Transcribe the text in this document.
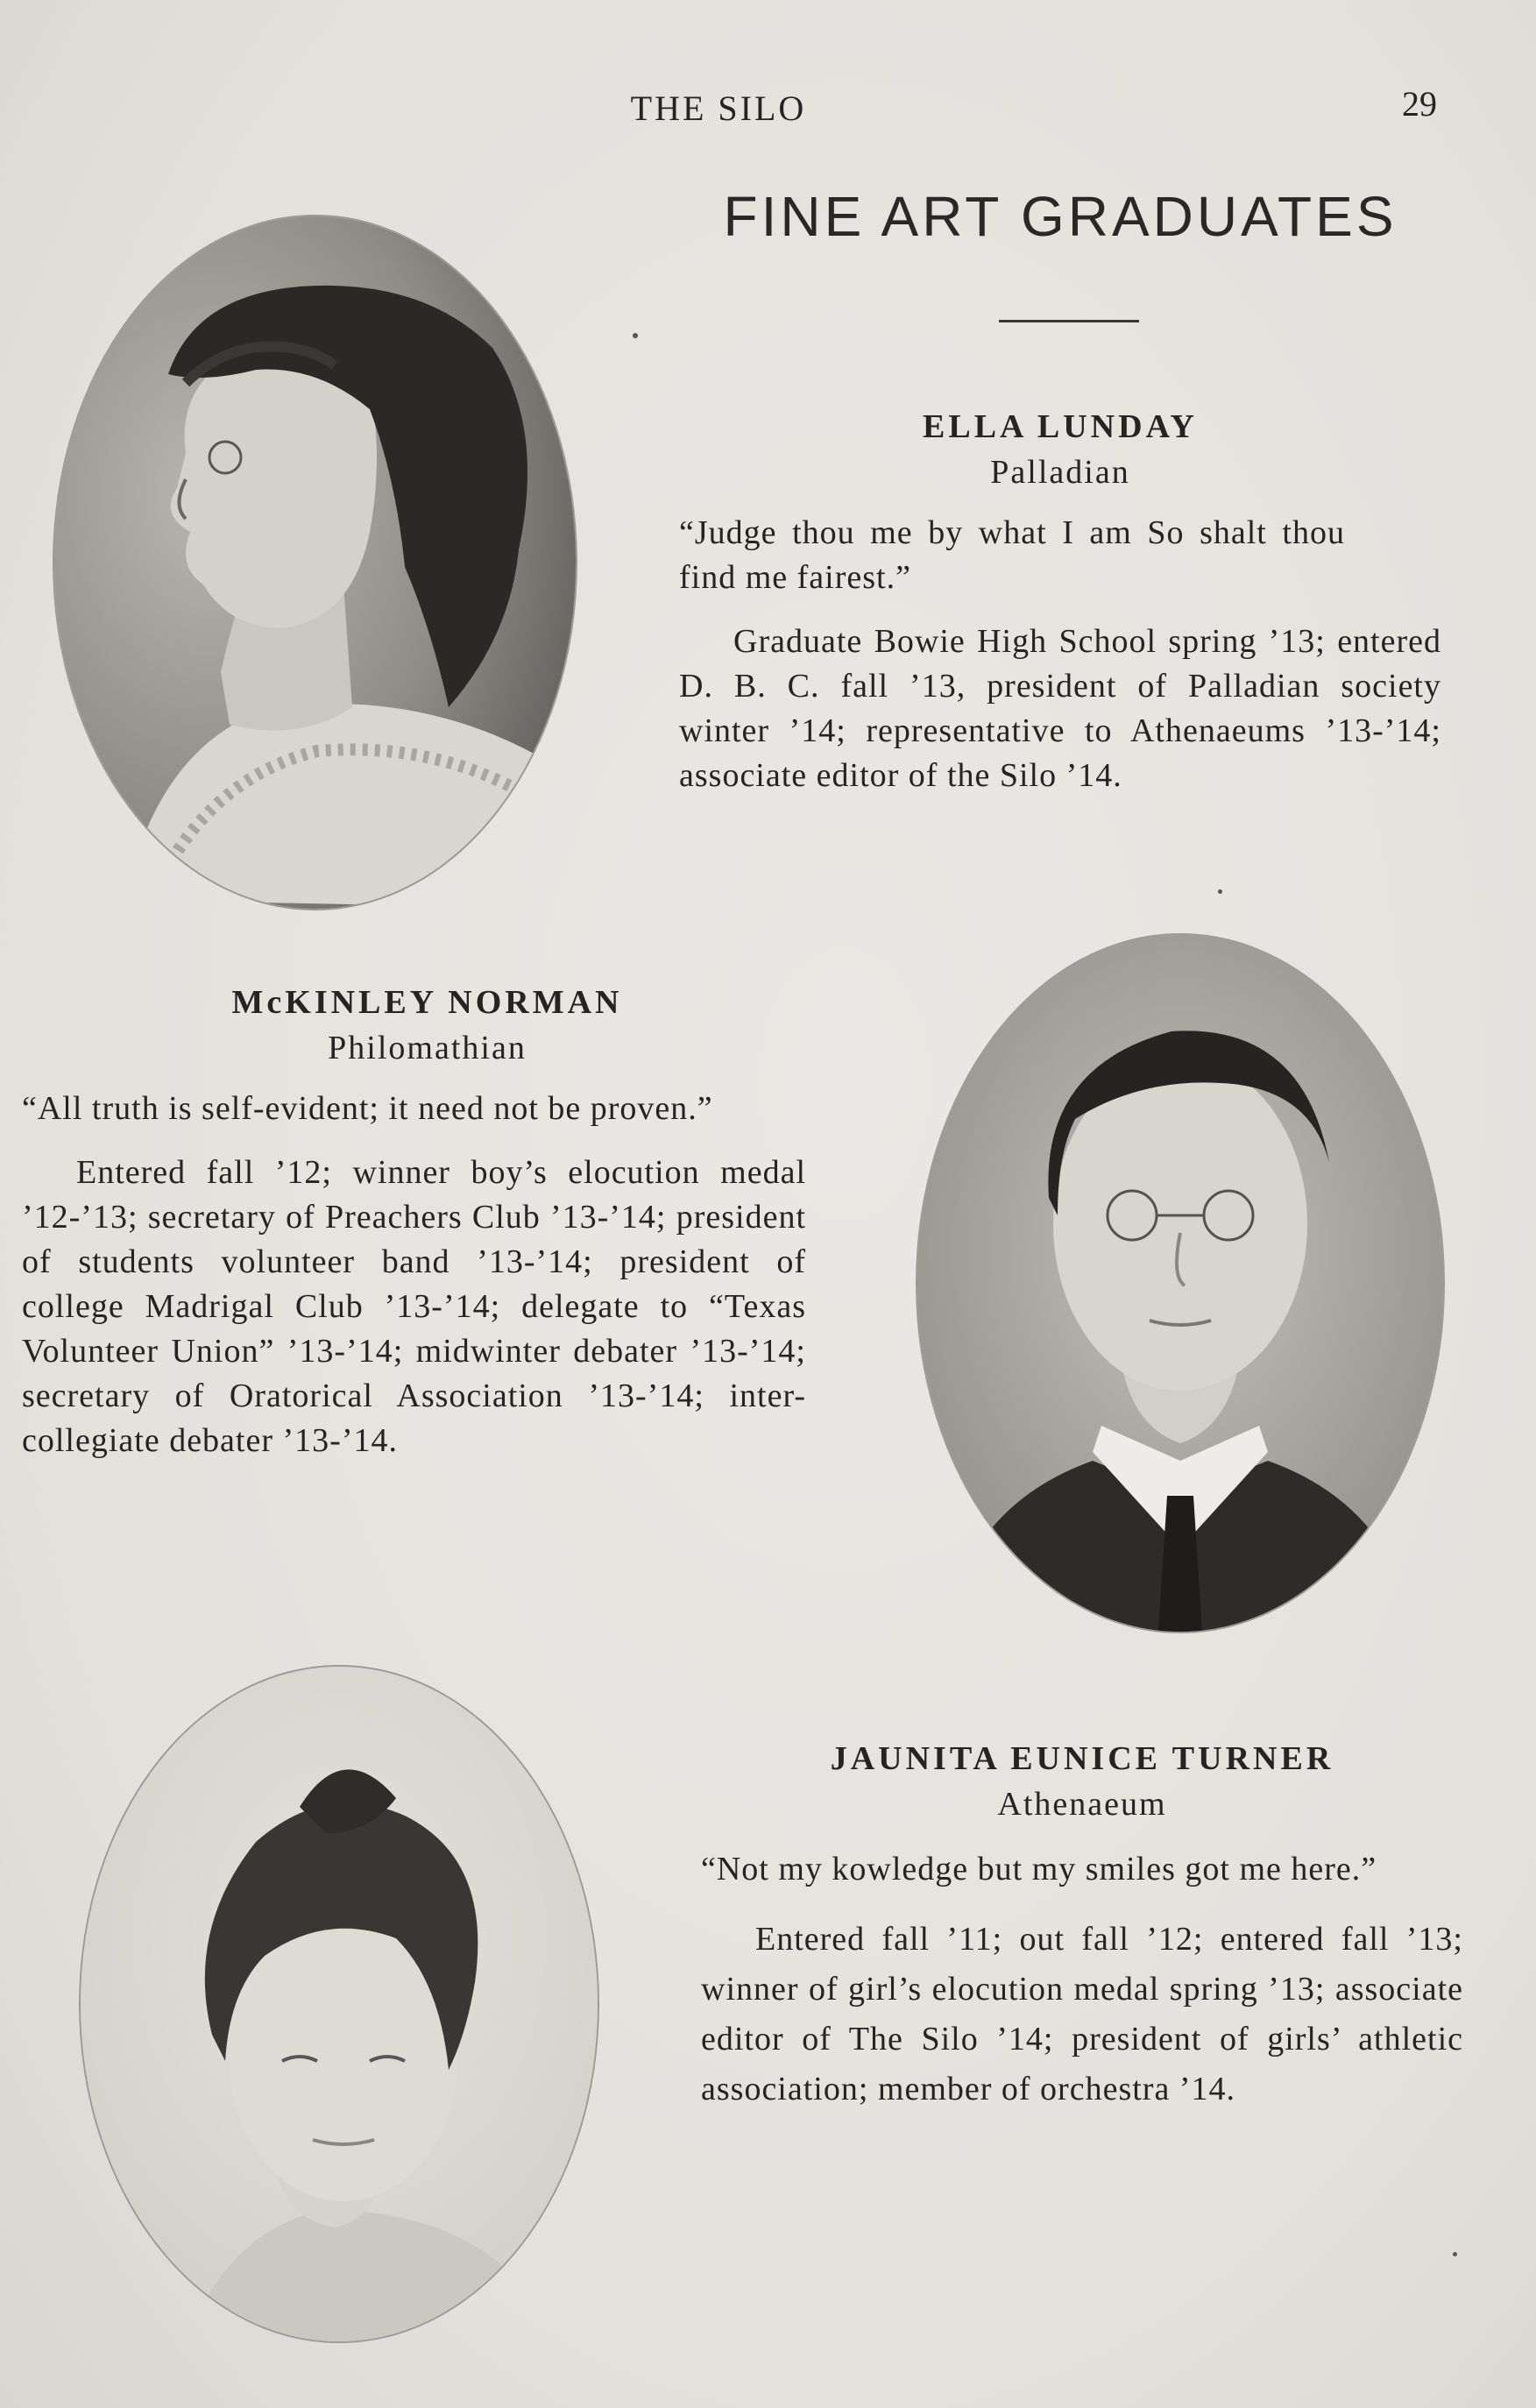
THE SILO	29
FINE ART GRADUATES
ELLA LUNDAY
Palladian
“Judge thou me by what I am So shalt thou find me fairest.”
Graduate Bowie High School spring ’13; entered D. B. C. fall ’13, president of Palladian society winter ’14; representative to Athenaeums ’13-’14; associate editor of the Silo ’14.
McKINLEY NORMAN
Philomathian
“All truth is self-evident; it need not be proven.”
Entered fall ’12; winner boy’s elocution medal ’12-’13; secretary of Preachers Club ’13-’14; president of students volunteer band ’13-’14; president of college Madrigal Club ’13-’14; delegate to “Texas Volunteer Union” ’13-’14; midwinter debater ’13-’14; secretary of Oratorical Association ’13-’14; inter-collegiate debater ’13-’14.
JAUNITA EUNICE TURNER
Athenaeum
“Not my kowledge but my smiles got me here.”
Entered fall ’11; out fall ’12; entered fall ’13; winner of girl’s elocution medal spring ’13; associate editor of The Silo ’14; president of girls’ athletic association; member of orchestra ’14.
